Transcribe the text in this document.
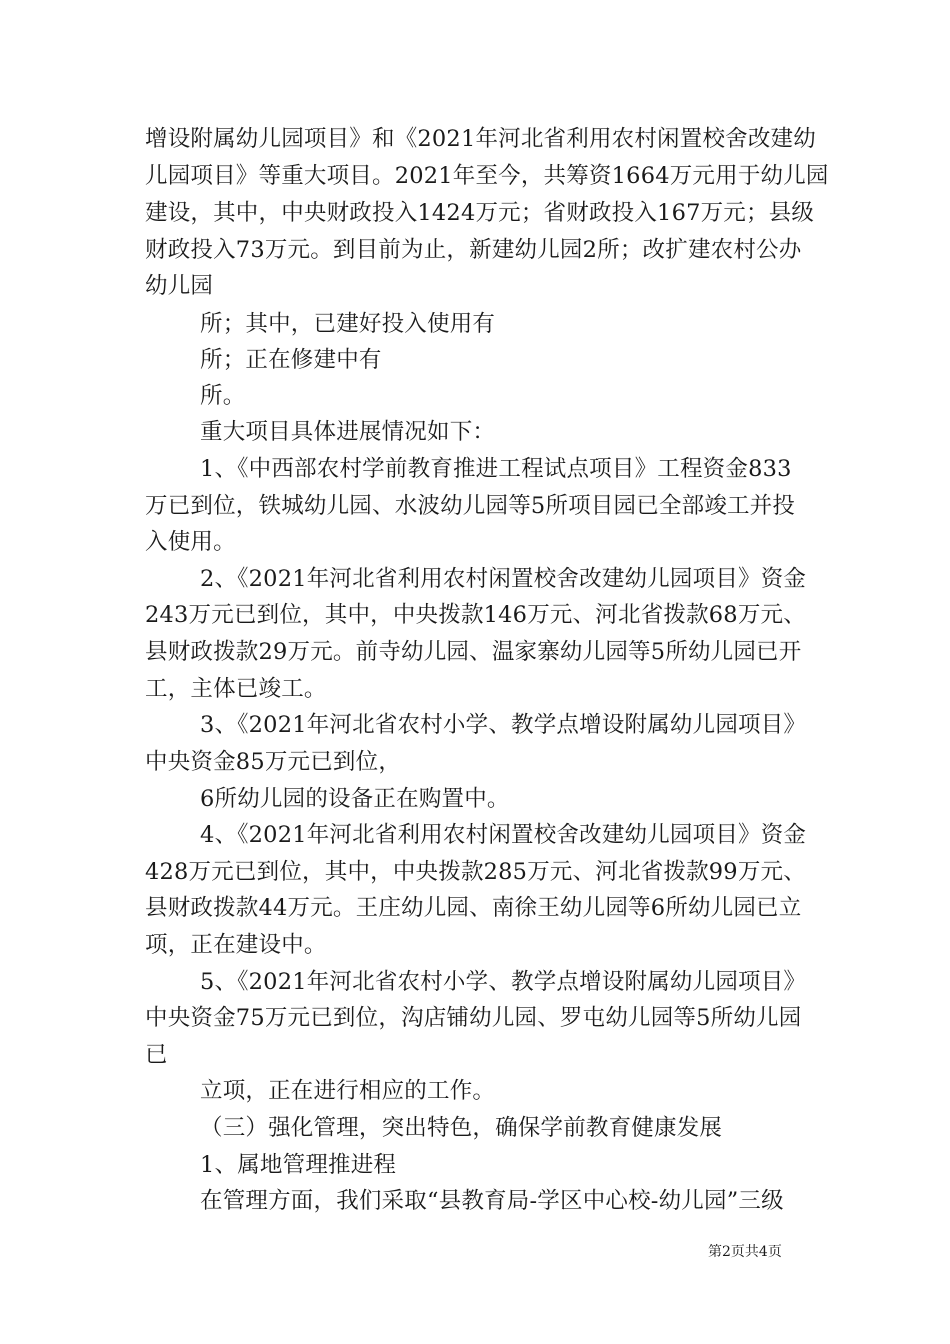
增设附属幼儿园项目》和《2021年河北省利用农村闲置校舍改建幼
儿园项目》等重大项目。2021年至今，共筹资1664万元用于幼儿园
建设，其中，中央财政投入1424万元；省财政投入167万元；县级
财政投入73万元。到目前为止，新建幼儿园2所；改扩建农村公办
幼儿园
所；其中，已建好投入使用有
所；正在修建中有
所。
重大项目具体进展情况如下：
1、《中西部农村学前教育推进工程试点项目》工程资金833
万已到位，铁城幼儿园、水波幼儿园等5所项目园已全部竣工并投
入使用。
2、《2021年河北省利用农村闲置校舍改建幼儿园项目》资金
243万元已到位，其中，中央拨款146万元、河北省拨款68万元、
县财政拨款29万元。前寺幼儿园、温家寨幼儿园等5所幼儿园已开
工，主体已竣工。
3、《2021年河北省农村小学、教学点增设附属幼儿园项目》
中央资金85万元已到位，
6所幼儿园的设备正在购置中。
4、《2021年河北省利用农村闲置校舍改建幼儿园项目》资金
428万元已到位，其中，中央拨款285万元、河北省拨款99万元、
县财政拨款44万元。王庄幼儿园、南徐王幼儿园等6所幼儿园已立
项，正在建设中。
5、《2021年河北省农村小学、教学点增设附属幼儿园项目》
中央资金75万元已到位，沟店铺幼儿园、罗屯幼儿园等5所幼儿园
已
立项，正在进行相应的工作。
（三）强化管理，突出特色，确保学前教育健康发展
1、属地管理推进程
在管理方面，我们采取“县教育局-学区中心校-幼儿园”三级
第2页共4页
